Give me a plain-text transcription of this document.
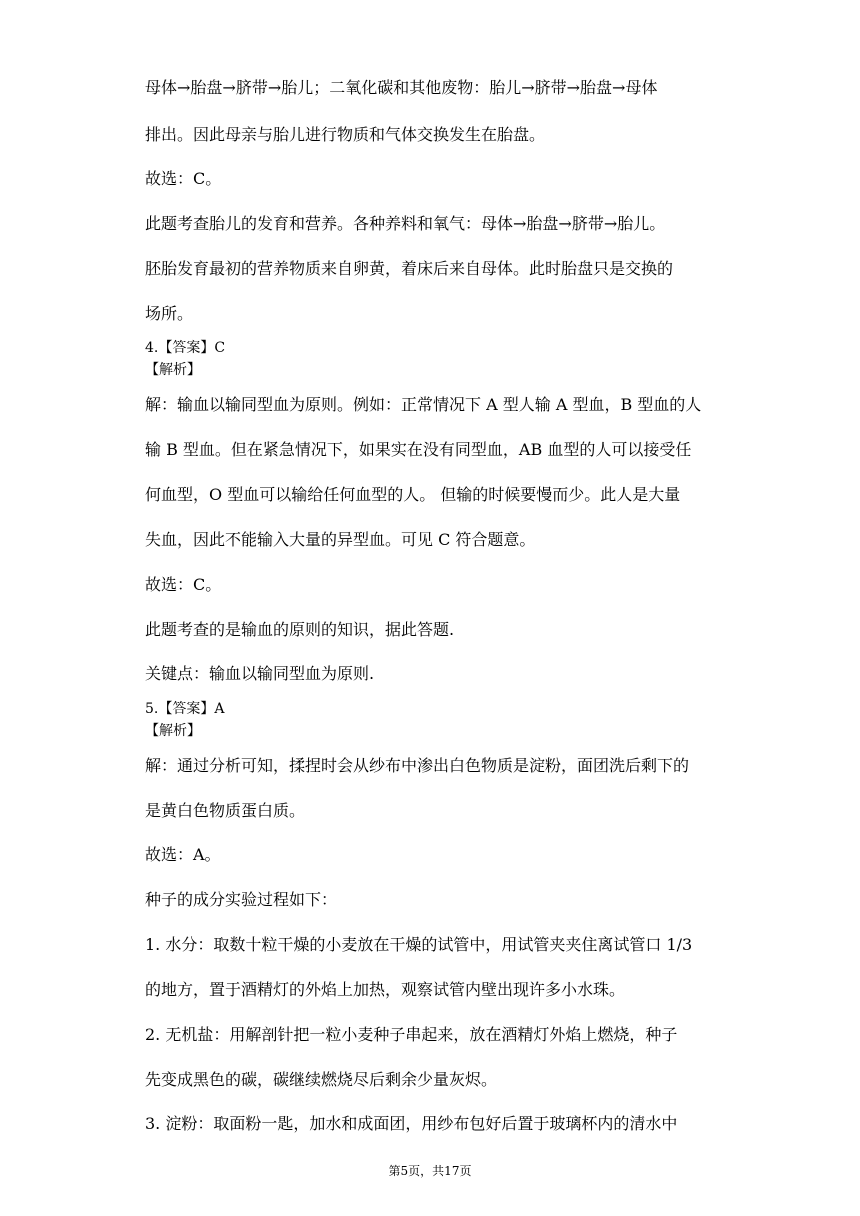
母体→胎盘→脐带→胎儿；二氧化碳和其他废物：胎儿→脐带→胎盘→母体
排出。因此母亲与胎儿进行物质和气体交换发生在胎盘。
故选：C。
此题考查胎儿的发育和营养。各种养料和氧气：母体→胎盘→脐带→胎儿。
胚胎发育最初的营养物质来自卵黄，着床后来自母体。此时胎盘只是交换的
场所。
4.【答案】C
【解析】
解：输血以输同型血为原则。例如：正常情况下 A 型人输 A 型血，B 型血的人
输 B 型血。但在紧急情况下，如果实在没有同型血，AB 血型的人可以接受任
何血型，O 型血可以输给任何血型的人。 但输的时候要慢而少。此人是大量
失血，因此不能输入大量的异型血。可见 C 符合题意。
故选：C。
此题考查的是输血的原则的知识，据此答题.
关键点：输血以输同型血为原则.
5.【答案】A
【解析】
解：通过分析可知，揉捏时会从纱布中渗出白色物质是淀粉，面团洗后剩下的
是黄白色物质蛋白质。
故选：A。
种子的成分实验过程如下：
1. 水分：取数十粒干燥的小麦放在干燥的试管中，用试管夹夹住离试管口 1/3
的地方，置于酒精灯的外焰上加热，观察试管内壁出现许多小水珠。
2. 无机盐：用解剖针把一粒小麦种子串起来，放在酒精灯外焰上燃烧，种子
先变成黑色的碳，碳继续燃烧尽后剩余少量灰烬。
3. 淀粉：取面粉一匙，加水和成面团，用纱布包好后置于玻璃杯内的清水中
第5页，共17页
